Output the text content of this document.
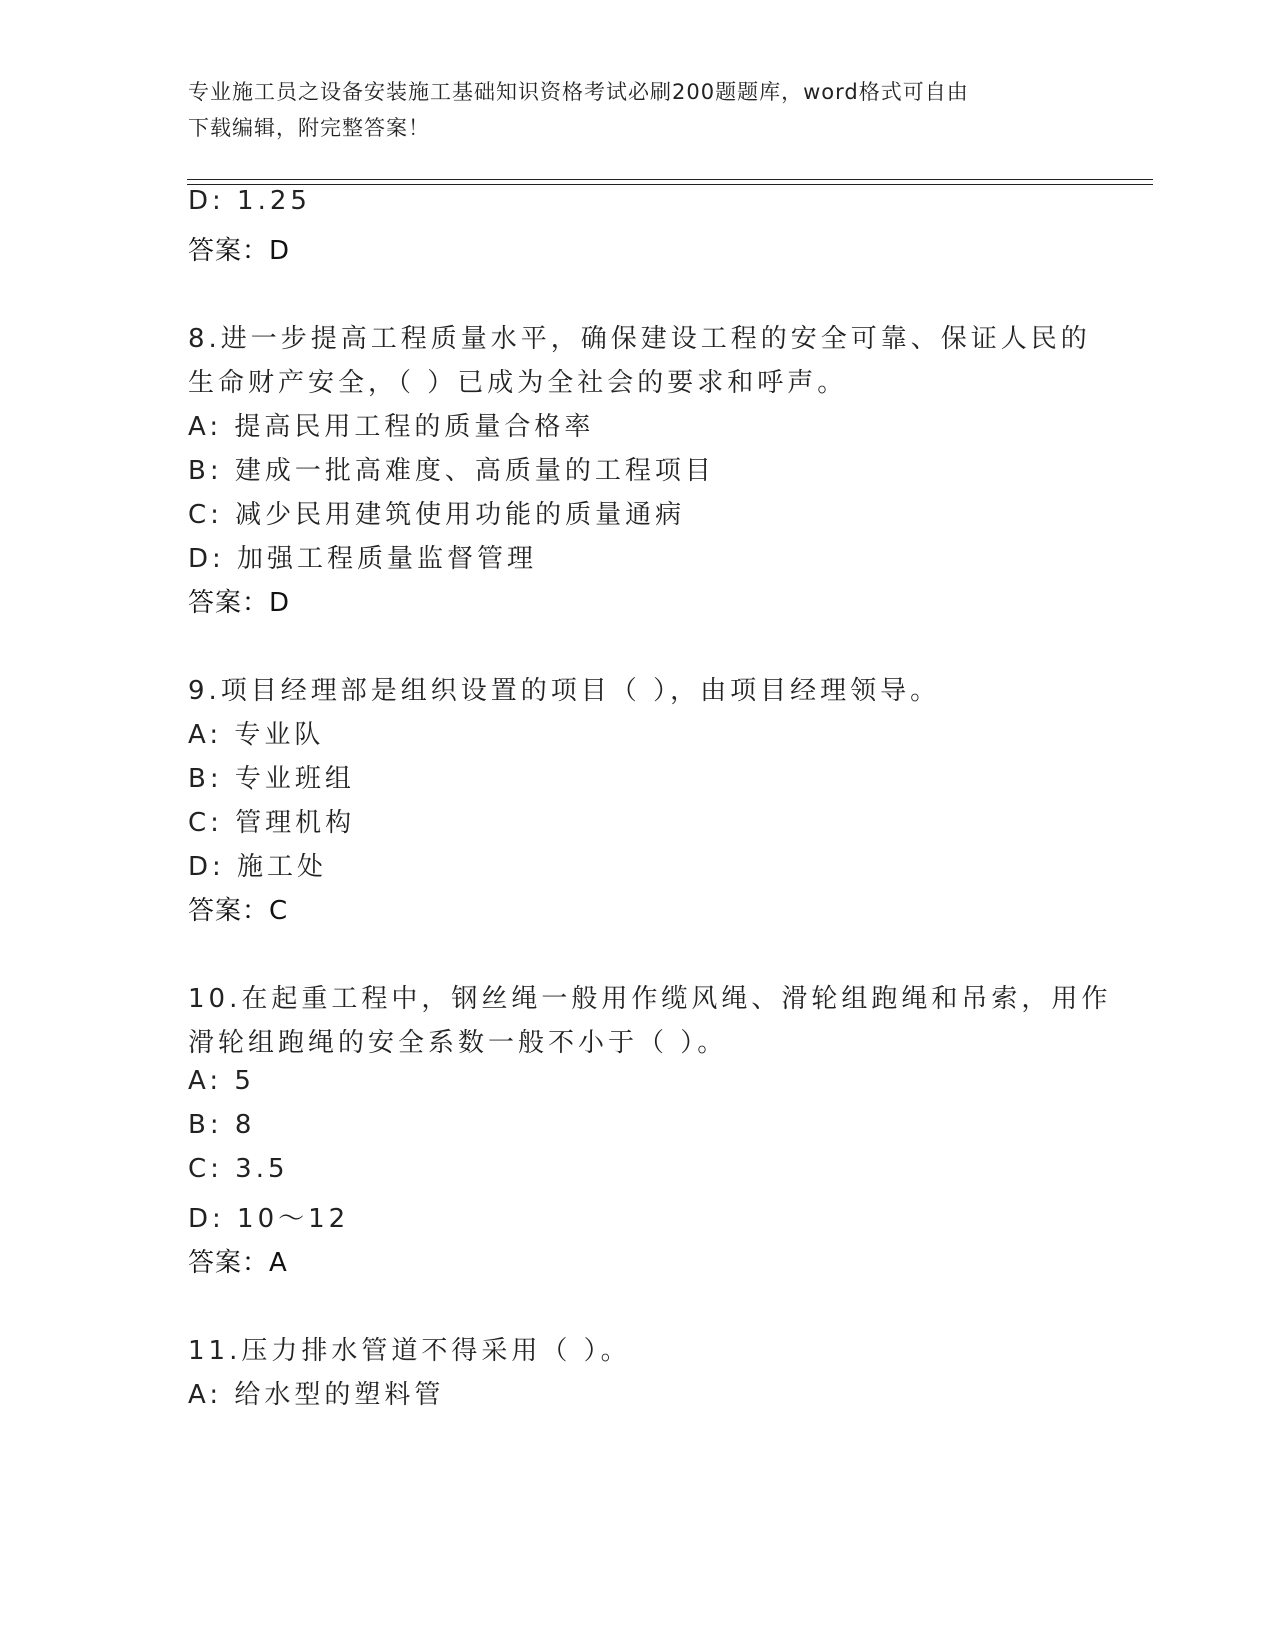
专业施工员之设备安装施工基础知识资格考试必刷200题题库，word格式可自由
下载编辑，附完整答案！
D: 1.25
答案：D
8.进一步提高工程质量水平，确保建设工程的安全可靠、保证人民的
生命财产安全，（ ）已成为全社会的要求和呼声。
A: 提高民用工程的质量合格率
B: 建成一批高难度、高质量的工程项目
C: 减少民用建筑使用功能的质量通病
D: 加强工程质量监督管理
答案：D
9.项目经理部是组织设置的项目（ ），由项目经理领导。
A: 专业队
B: 专业班组
C: 管理机构
D: 施工处
答案：C
10.在起重工程中，钢丝绳一般用作缆风绳、滑轮组跑绳和吊索，用作
滑轮组跑绳的安全系数一般不小于（ ）。
A: 5
B: 8
C: 3.5
D: 10～12
答案：A
11.压力排水管道不得采用（ ）。
A: 给水型的塑料管
